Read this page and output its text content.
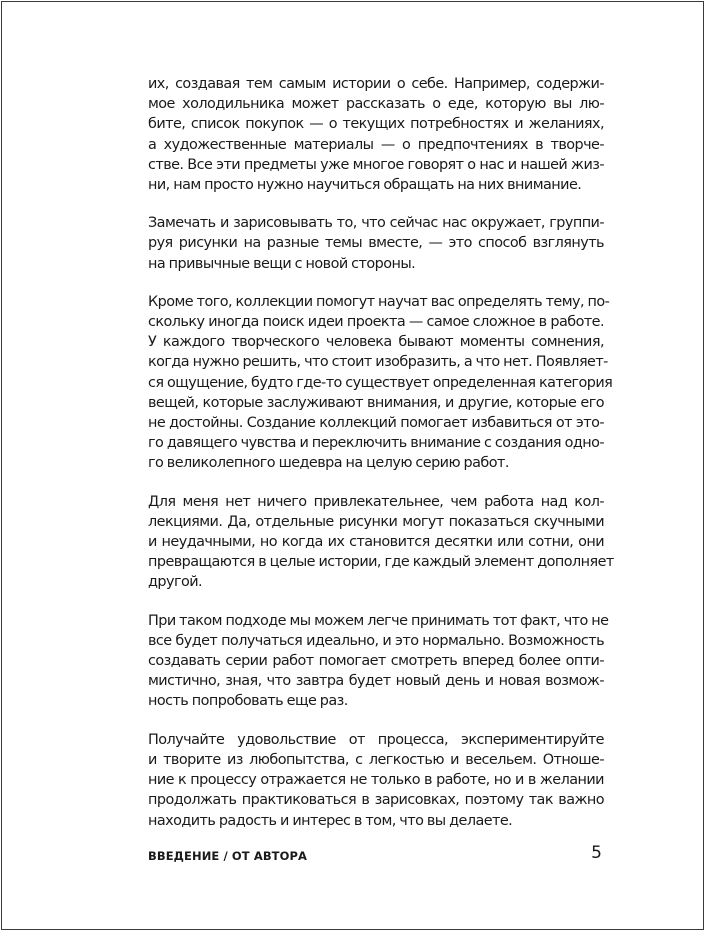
их, создавая тем самым истории о себе. Например, содержи-
мое холодильника может рассказать о еде, которую вы лю-
бите, список покупок — о текущих потребностях и желаниях,
а художественные материалы — о предпочтениях в творче-
стве. Все эти предметы уже многое говорят о нас и нашей жиз-
ни, нам просто нужно научиться обращать на них внимание.
Замечать и зарисовывать то, что сейчас нас окружает, группи-
руя рисунки на разные темы вместе, — это способ взглянуть
на привычные вещи с новой стороны.
Кроме того, коллекции помогут научат вас определять тему, по-
скольку иногда поиск идеи проекта — самое сложное в работе.
У каждого творческого человека бывают моменты сомнения,
когда нужно решить, что стоит изобразить, а что нет. Появляет-
ся ощущение, будто где-то существует определенная категория
вещей, которые заслуживают внимания, и другие, которые его
не достойны. Создание коллекций помогает избавиться от это-
го давящего чувства и переключить внимание с создания одно-
го великолепного шедевра на целую серию работ.
Для меня нет ничего привлекательнее, чем работа над кол-
лекциями. Да, отдельные рисунки могут показаться скучными
и неудачными, но когда их становится десятки или сотни, они
превращаются в целые истории, где каждый элемент дополняет
другой.
При таком подходе мы можем легче принимать тот факт, что не
все будет получаться идеально, и это нормально. Возможность
создавать серии работ помогает смотреть вперед более опти-
мистично, зная, что завтра будет новый день и новая возмож-
ность попробовать еще раз.
Получайте удовольствие от процесса, экспериментируйте
и творите из любопытства, с легкостью и весельем. Отноше-
ние к процессу отражается не только в работе, но и в желании
продолжать практиковаться в зарисовках, поэтому так важно
находить радость и интерес в том, что вы делаете.
ВВЕДЕНИЕ / ОТ АВТОРА	5
